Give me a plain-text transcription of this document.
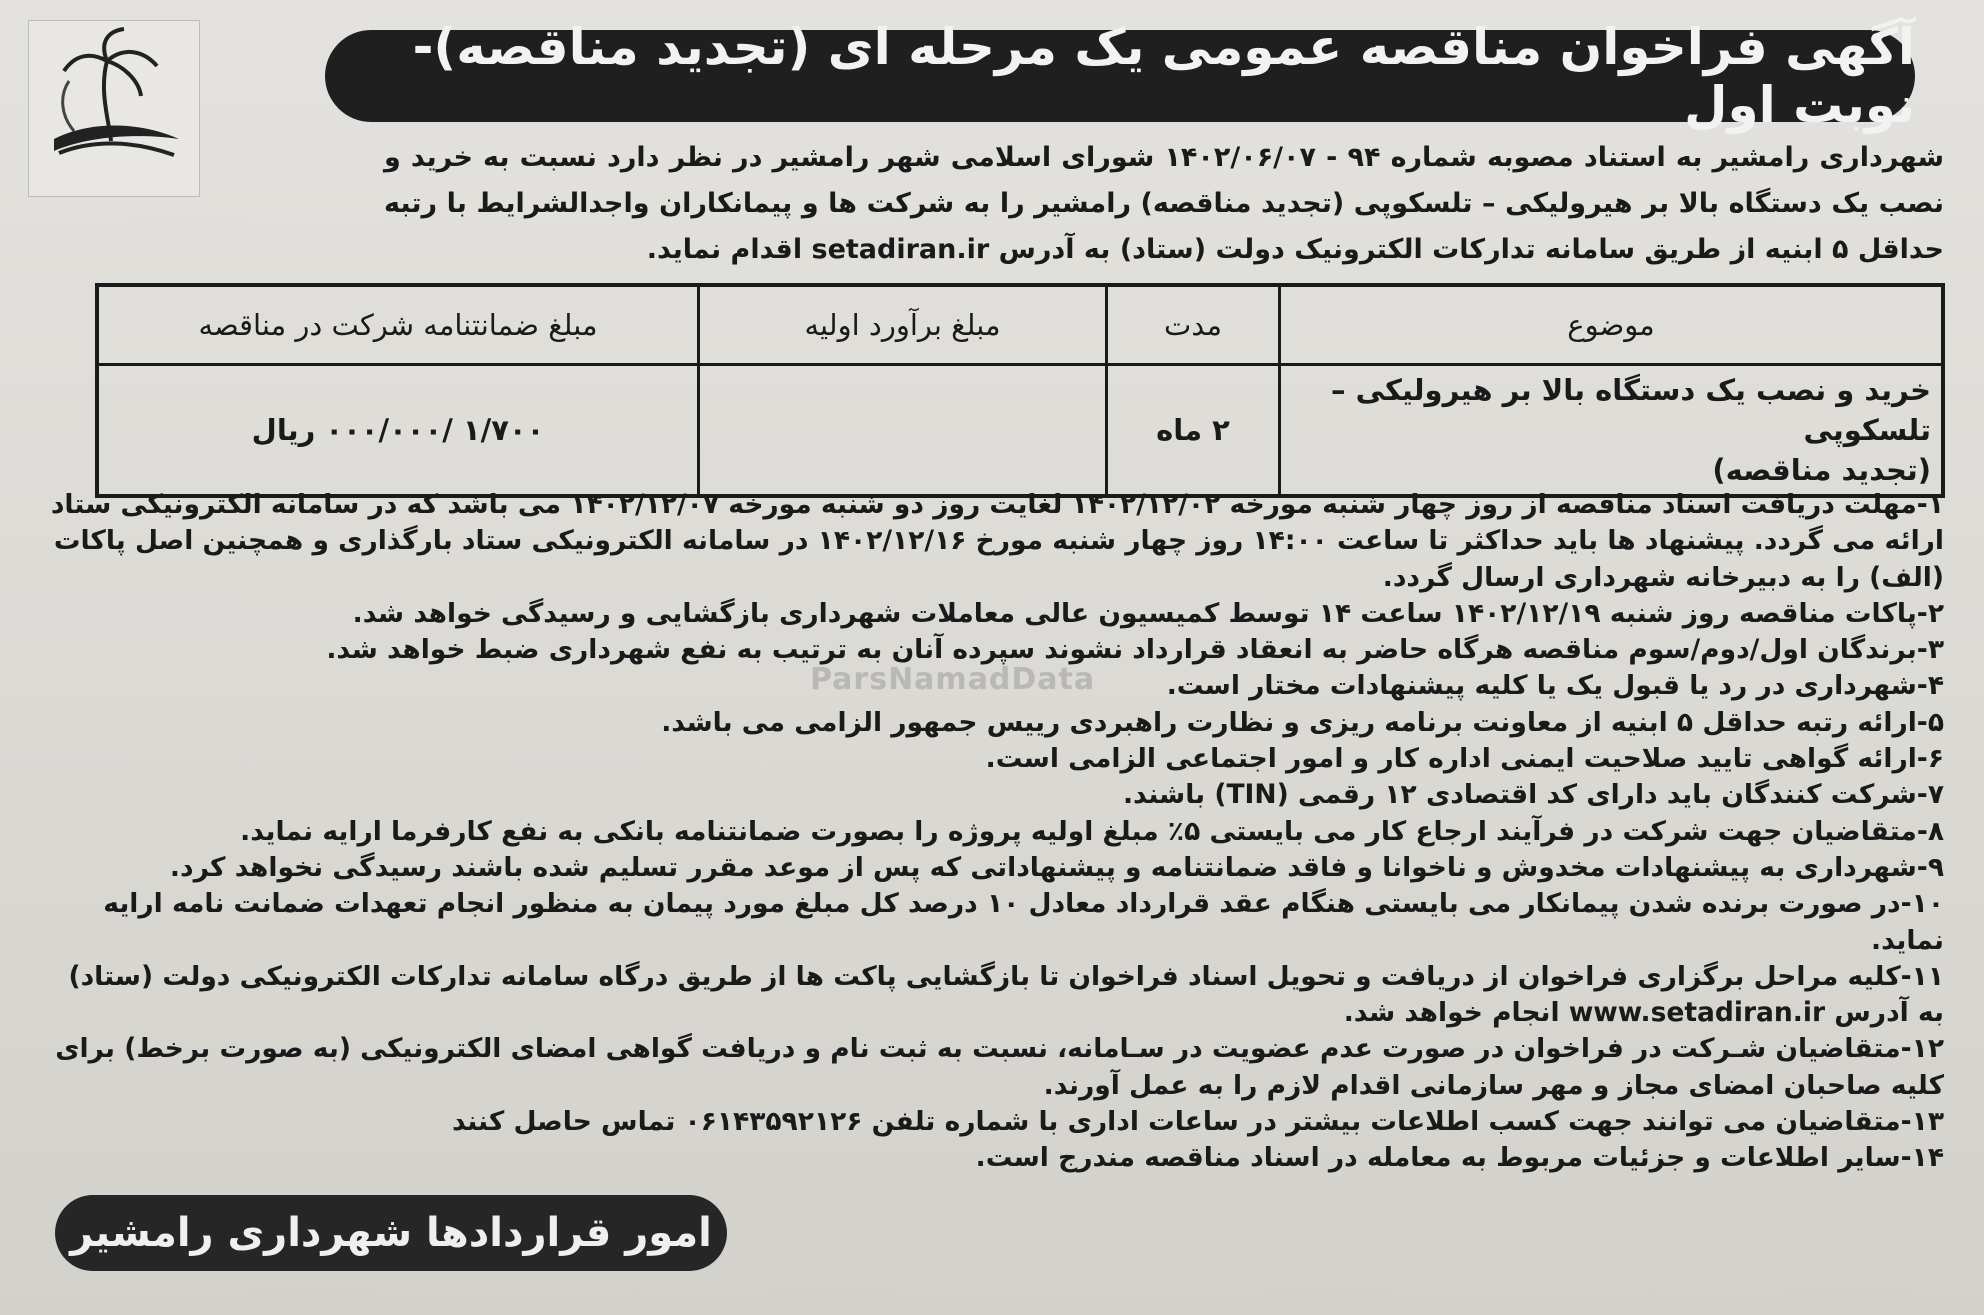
آگهی فراخوان مناقصه عمومی یک مرحله ای (تجدید مناقصه)-نوبت اول
شهرداری رامشیر به استناد مصوبه شماره ۹۴ - ۱۴۰۲/۰۶/۰۷ شورای اسلامی شهر رامشیر در نظر دارد نسبت به خرید و نصب یک دستگاه بالا بر هیرولیکی – تلسکوپی (تجدید مناقصه) رامشیر را به شرکت ها و پیمانکاران واجدالشرایط با رتبه حداقل ۵ ابنیه از طریق سامانه تدارکات الکترونیک دولت (ستاد) به آدرس setadiran.ir اقدام نماید.
موضوع	مدت	مبلغ برآورد اولیه	مبلغ ضمانتنامه شرکت در مناقصه

خرید و نصب یک دستگاه بالا بر هیرولیکی – تلسکوپی
(تجدید مناقصه)	۲ ماه		۱/۷۰۰ /۰۰۰/۰۰۰ ریال

۱-مهلت دریافت اسناد مناقصه از روز چهار شنبه مورخه ۱۴۰۲/۱۲/۰۲ لغایت روز دو شنبه مورخه ۱۴۰۲/۱۲/۰۷ می باشد که در سامانه الکترونیکی ستاد ارائه می گردد. پیشنهاد ها باید حداکثر تا ساعت ۱۴:۰۰ روز چهار شنبه مورخ ۱۴۰۲/۱۲/۱۶ در سامانه الکترونیکی ستاد بارگذاری و همچنین اصل پاکات (الف) را به دبیرخانه شهرداری ارسال گردد.

۲-پاکات مناقصه روز شنبه ۱۴۰۲/۱۲/۱۹ ساعت ۱۴ توسط کمیسیون عالی معاملات شهرداری بازگشایی و رسیدگی خواهد شد.

۳-برندگان اول/دوم/سوم مناقصه هرگاه حاضر به انعقاد قرارداد نشوند سپرده آنان به ترتیب به نفع شهرداری ضبط خواهد شد.

۴-شهرداری در رد یا قبول یک یا کلیه پیشنهادات مختار است.

۵-ارائه رتبه حداقل ۵ ابنیه از معاونت برنامه ریزی و نظارت راهبردی رییس جمهور الزامی می باشد.

۶-ارائه گواهی تایید صلاحیت ایمنی اداره کار و امور اجتماعی الزامی است.

۷-شرکت کنندگان باید دارای کد اقتصادی ۱۲ رقمی (TIN) باشند.

۸-متقاضیان جهت شرکت در فرآیند ارجاع کار می بایستی ۵٪ مبلغ اولیه پروژه را بصورت ضمانتنامه بانکی به نفع کارفرما ارایه نماید.

۹-شهرداری به پیشنهادات مخدوش و ناخوانا و فاقد ضمانتنامه و پیشنهاداتی که پس از موعد مقرر تسلیم شده باشند رسیدگی نخواهد کرد.

۱۰-در صورت برنده شدن پیمانکار می بایستی هنگام عقد قرارداد معادل ۱۰ درصد کل مبلغ مورد پیمان به منظور انجام تعهدات ضمانت نامه ارایه نماید.

۱۱-کلیه مراحل برگزاری فراخوان از دریافت و تحویل اسناد فراخوان تا بازگشایی پاکت ها از طریق درگاه سامانه تدارکات الکترونیکی دولت (ستاد) به آدرس www.setadiran.ir انجام خواهد شد.

۱۲-متقاضیان شـرکت در فراخوان در صورت عدم عضویت در سـامانه، نسبت به ثبت نام و دریافت گواهی امضای الکترونیکی (به صورت برخط) برای کلیه صاحبان امضای مجاز و مهر سازمانی اقدام لازم را به عمل آورند.

۱۳-متقاضیان می توانند جهت کسب اطلاعات بیشتر در ساعات اداری با شماره تلفن ۰۶۱۴۳۵۹۲۱۲۶ تماس حاصل کنند

۱۴-سایر اطلاعات و جزئیات مربوط به معامله در اسناد مناقصه مندرج است.

ParsNamadData
امور قراردادها شهرداری رامشیر
